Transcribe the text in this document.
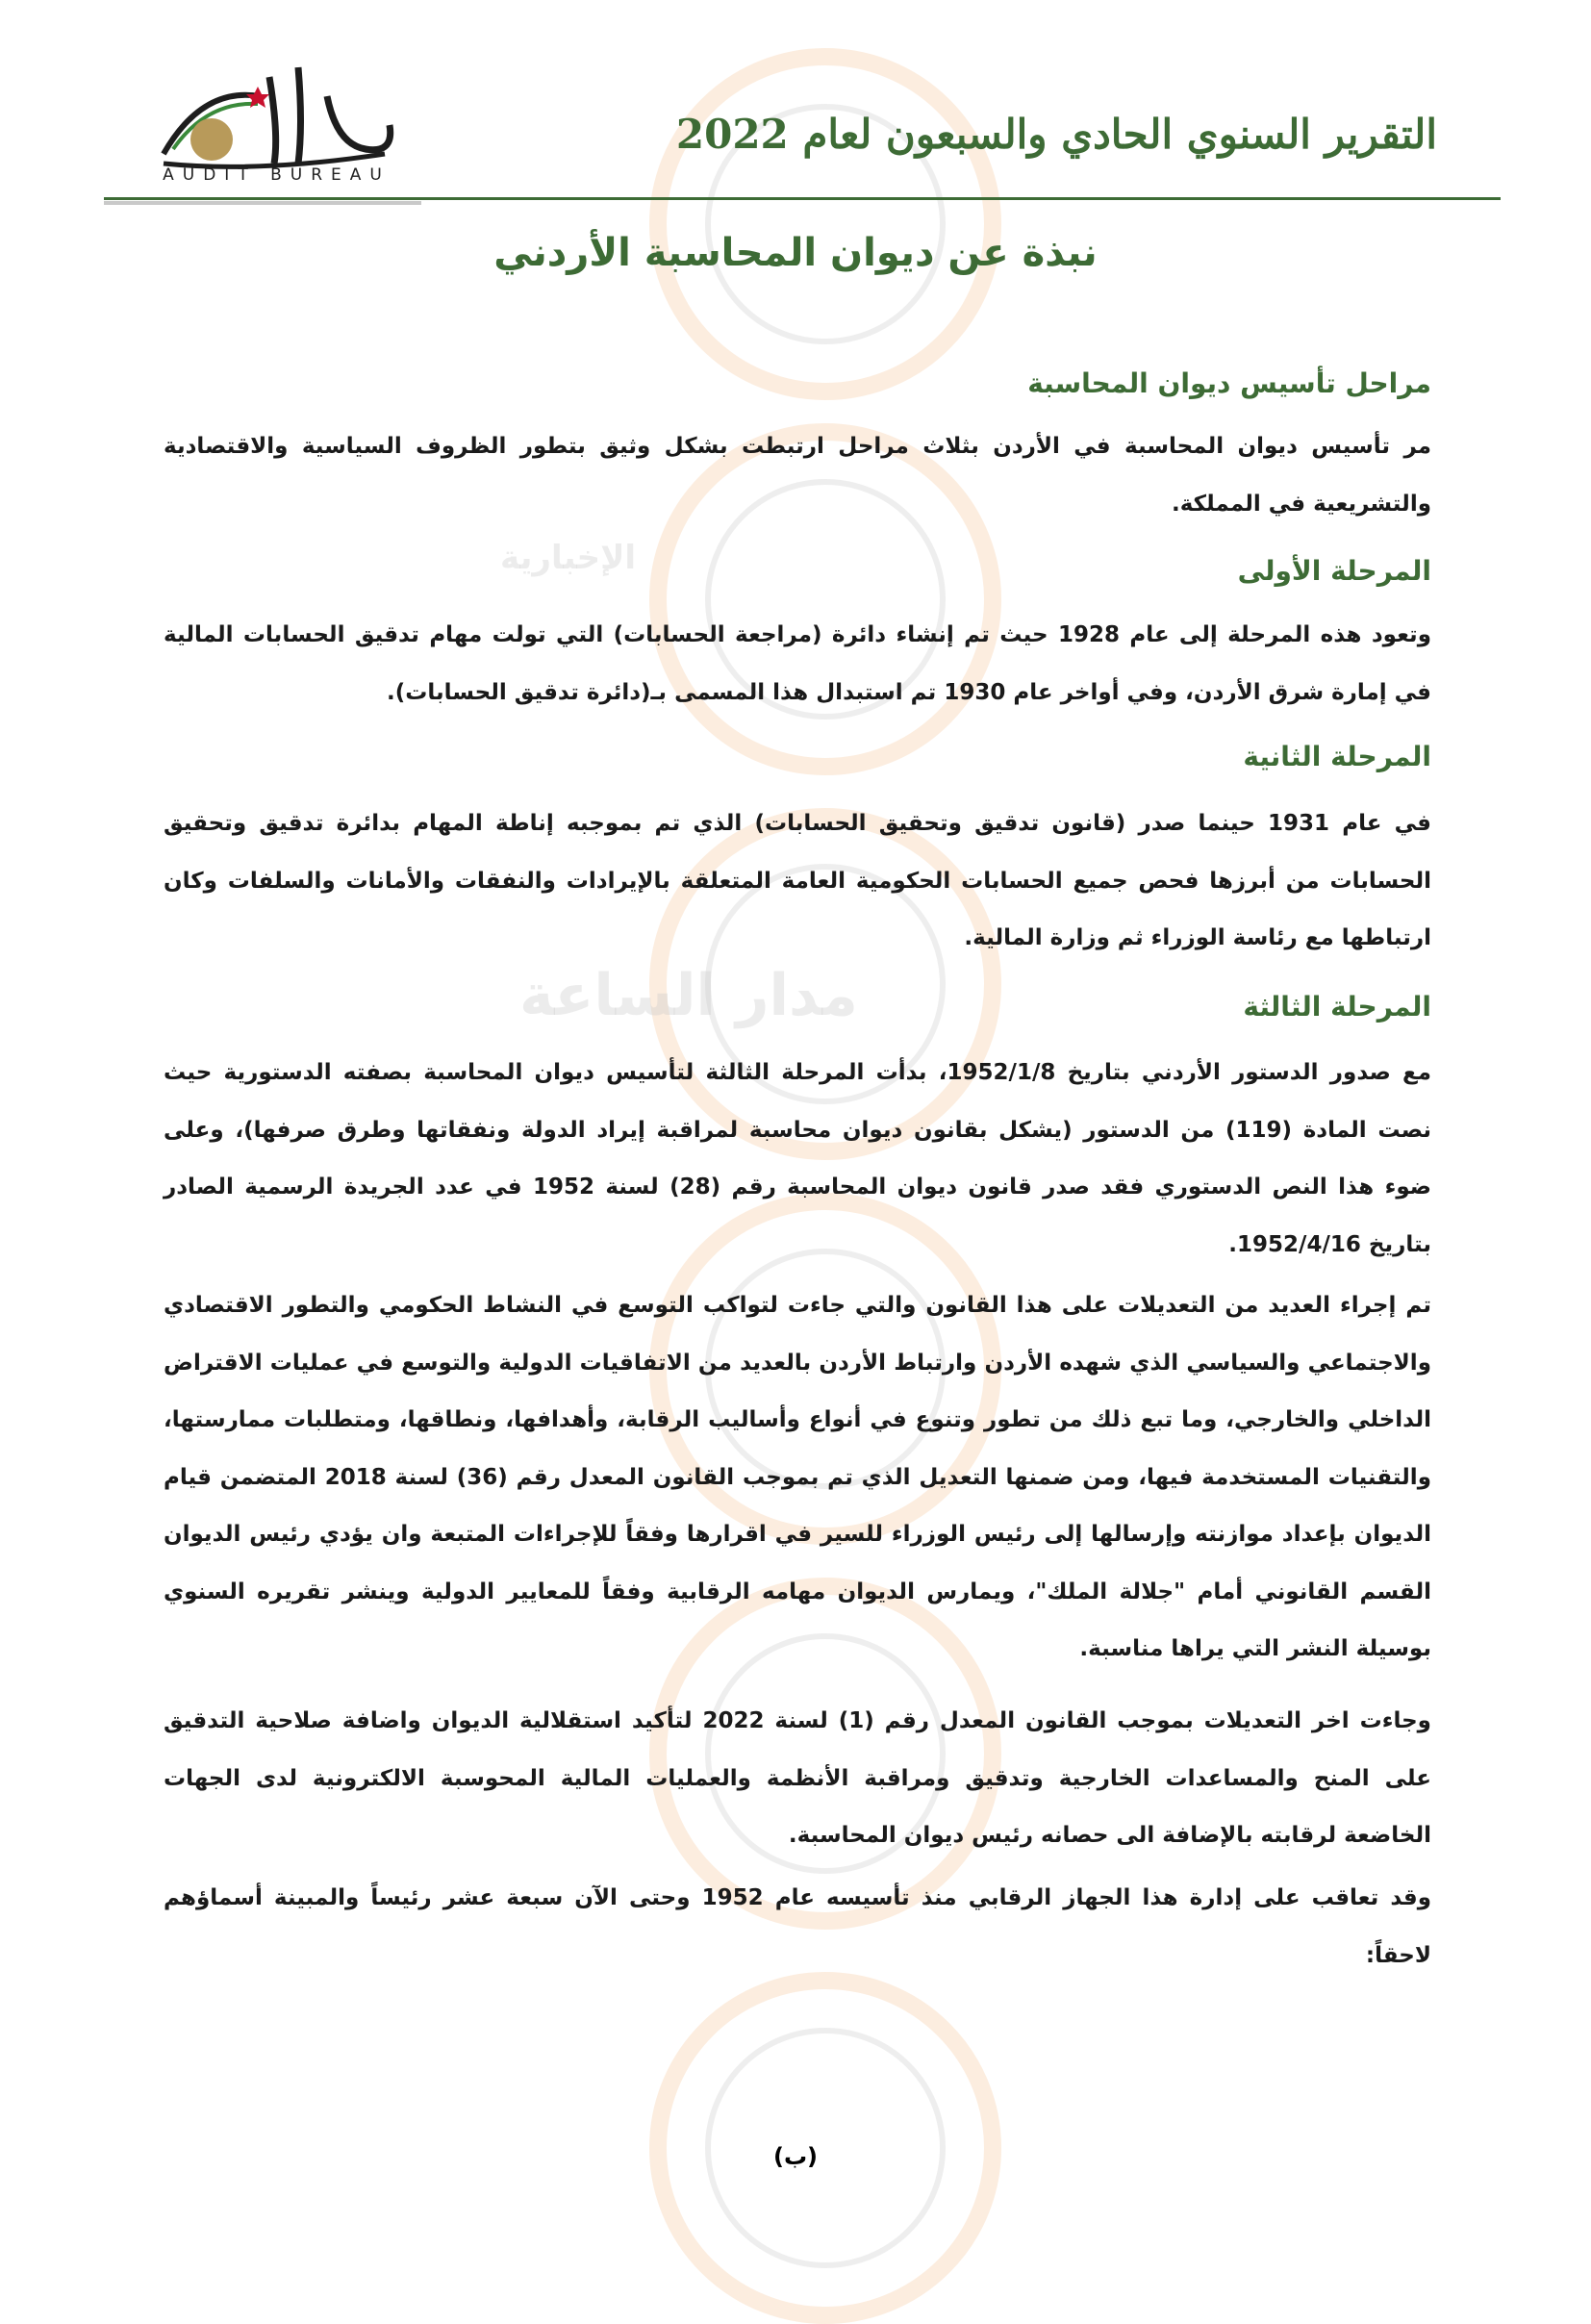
مدار الساعة
الإخبارية
AUDIT BUREAU
التقرير السنوي الحادي والسبعون لعام 2022
نبذة عن ديوان المحاسبة الأردني
مراحل تأسيس ديوان المحاسبة
مر تأسيس ديوان المحاسبة في الأردن بثلاث مراحل ارتبطت بشكل وثيق بتطور الظروف السياسية والاقتصادية والتشريعية في المملكة.
المرحلة الأولى
وتعود هذه المرحلة إلى عام 1928 حيث تم إنشاء دائرة (مراجعة الحسابات) التي تولت مهام تدقيق الحسابات المالية في إمارة شرق الأردن، وفي أواخر عام 1930 تم استبدال هذا المسمى بـ(دائرة تدقيق الحسابات).
المرحلة الثانية
في عام 1931 حينما صدر (قانون تدقيق وتحقيق الحسابات) الذي تم بموجبه إناطة المهام بدائرة تدقيق وتحقيق الحسابات من أبرزها فحص جميع الحسابات الحكومية العامة المتعلقة بالإيرادات والنفقات والأمانات والسلفات وكان ارتباطها مع رئاسة الوزراء ثم وزارة المالية.
المرحلة الثالثة
مع صدور الدستور الأردني بتاريخ 1952/1/8، بدأت المرحلة الثالثة لتأسيس ديوان المحاسبة بصفته الدستورية حيث نصت المادة (119) من الدستور (يشكل بقانون ديوان محاسبة لمراقبة إيراد الدولة ونفقاتها وطرق صرفها)، وعلى ضوء هذا النص الدستوري فقد صدر قانون ديوان المحاسبة رقم (28) لسنة 1952 في عدد الجريدة الرسمية الصادر بتاريخ 1952/4/16.
تم إجراء العديد من التعديلات على هذا القانون والتي جاءت لتواكب التوسع في النشاط الحكومي والتطور الاقتصادي والاجتماعي والسياسي الذي شهده الأردن وارتباط الأردن بالعديد من الاتفاقيات الدولية والتوسع في عمليات الاقتراض الداخلي والخارجي، وما تبع ذلك من تطور وتنوع في أنواع وأساليب الرقابة، وأهدافها، ونطاقها، ومتطلبات ممارستها، والتقنيات المستخدمة فيها، ومن ضمنها التعديل الذي تم بموجب القانون المعدل رقم (36) لسنة 2018 المتضمن قيام الديوان بإعداد موازنته وإرسالها إلى رئيس الوزراء للسير في اقرارها وفقاً للإجراءات المتبعة وان يؤدي رئيس الديوان القسم القانوني أمام "جلالة الملك"، ويمارس الديوان مهامه الرقابية وفقاً للمعايير الدولية وينشر تقريره السنوي بوسيلة النشر التي يراها مناسبة.
وجاءت اخر التعديلات بموجب القانون المعدل رقم (1) لسنة 2022 لتأكيد استقلالية الديوان واضافة صلاحية التدقيق على المنح والمساعدات الخارجية وتدقيق ومراقبة الأنظمة والعمليات المالية المحوسبة الالكترونية لدى الجهات الخاضعة لرقابته بالإضافة الى حصانه رئيس ديوان المحاسبة.
وقد تعاقب على إدارة هذا الجهاز الرقابي منذ تأسيسه عام 1952 وحتى الآن سبعة عشر رئيساً والمبينة أسماؤهم لاحقاً:
(ب)
